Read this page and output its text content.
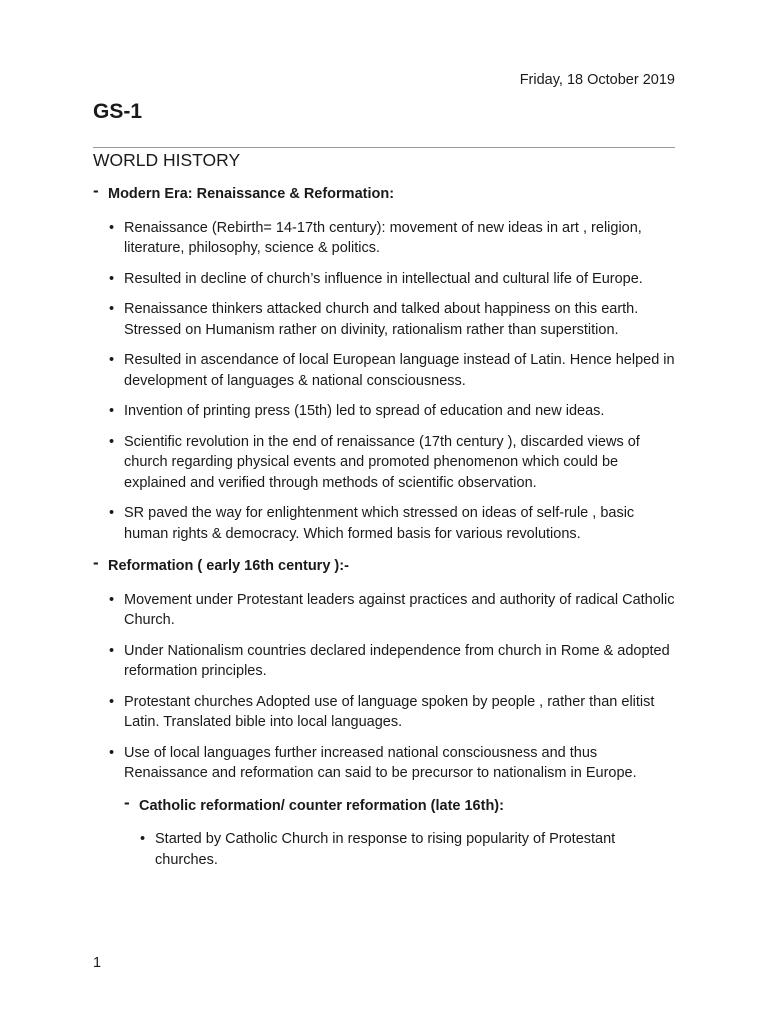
Friday, 18 October 2019
GS-1
WORLD HISTORY
- Modern Era: Renaissance & Reformation:
• Renaissance (Rebirth= 14-17th century): movement of new ideas in art , religion, literature, philosophy, science & politics.
• Resulted in decline of church’s influence in intellectual and cultural life of Europe.
• Renaissance thinkers attacked church and talked about happiness on this earth. Stressed on Humanism rather on divinity, rationalism rather than superstition.
• Resulted in ascendance of local European language instead of Latin. Hence helped in development of languages & national consciousness.
• Invention of printing press (15th) led to spread of education and new ideas.
• Scientific revolution in the end of renaissance (17th century ), discarded views of church regarding physical events and promoted phenomenon which could be explained and verified through methods of scientific observation.
• SR paved the way for enlightenment which stressed on ideas of self-rule , basic human rights & democracy. Which formed basis for various revolutions.
- Reformation ( early 16th century ):-
• Movement under Protestant leaders against practices and authority of radical Catholic Church.
• Under Nationalism countries declared independence from church in Rome & adopted reformation principles.
• Protestant churches Adopted use of language spoken by people , rather than elitist Latin. Translated bible into local languages.
• Use of local languages further increased national consciousness and thus Renaissance and reformation can said to be precursor to nationalism in Europe.
- Catholic reformation/ counter reformation (late 16th):
• Started by Catholic Church in response to rising popularity of Protestant churches.
1
